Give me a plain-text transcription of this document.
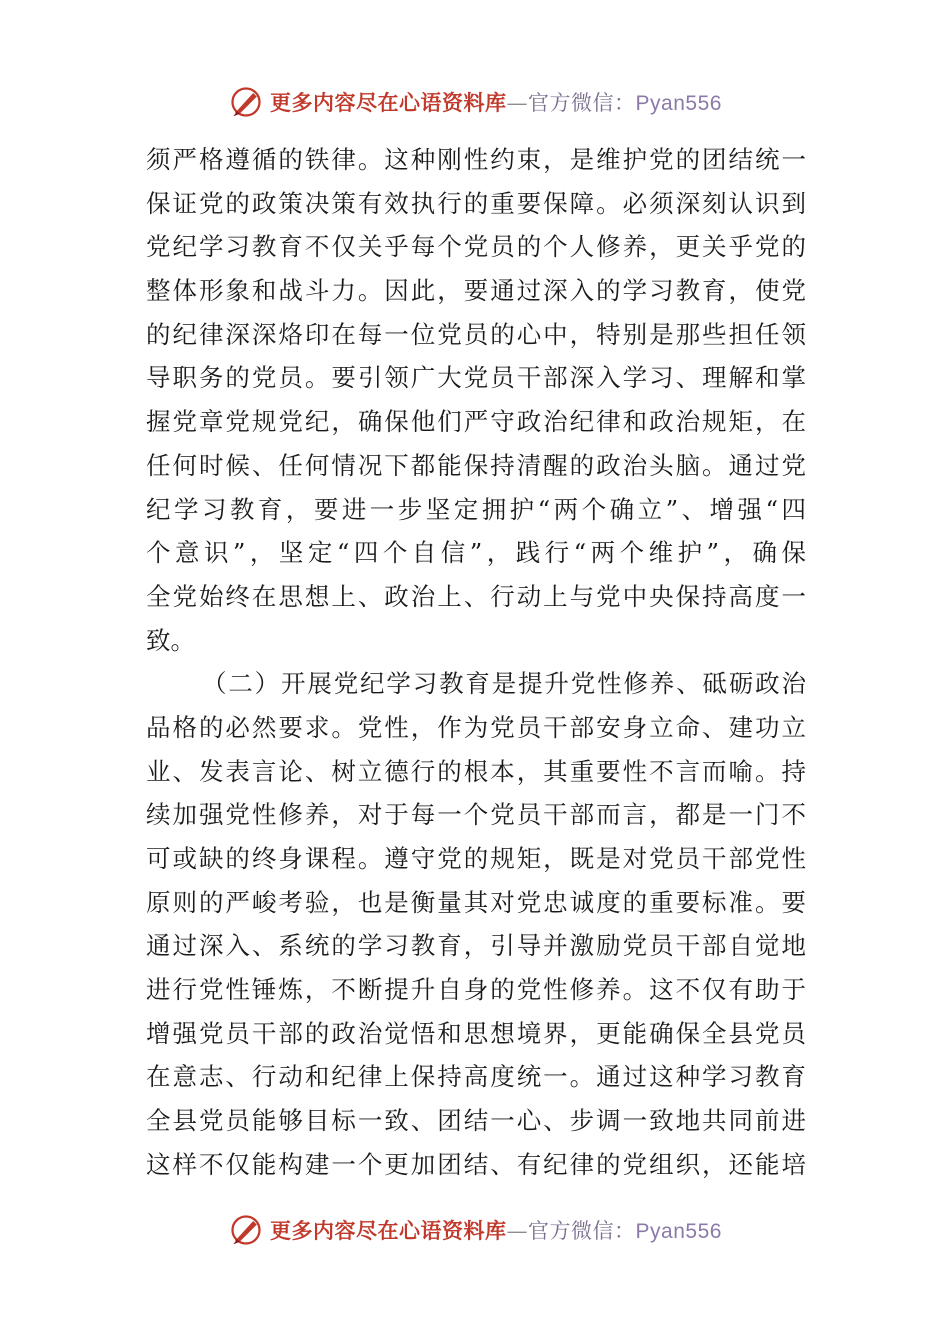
更多内容尽在心语资料库—官方微信：Pyan556
须严格遵循的铁律。这种刚性约束，是维护党的团结统一
保证党的政策决策有效执行的重要保障。必须深刻认识到
党纪学习教育不仅关乎每个党员的个人修养，更关乎党的
整体形象和战斗力。因此，要通过深入的学习教育，使党
的纪律深深烙印在每一位党员的心中，特别是那些担任领
导职务的党员。要引领广大党员干部深入学习、理解和掌
握党章党规党纪，确保他们严守政治纪律和政治规矩，在
任何时候、任何情况下都能保持清醒的政治头脑。通过党
纪学习教育，要进一步坚定拥护“两个确立”、增强“四
个意识”，坚定“四个自信”，践行“两个维护”，确保
全党始终在思想上、政治上、行动上与党中央保持高度一
致。
（二）开展党纪学习教育是提升党性修养、砥砺政治
品格的必然要求。党性，作为党员干部安身立命、建功立
业、发表言论、树立德行的根本，其重要性不言而喻。持
续加强党性修养，对于每一个党员干部而言，都是一门不
可或缺的终身课程。遵守党的规矩，既是对党员干部党性
原则的严峻考验，也是衡量其对党忠诚度的重要标准。要
通过深入、系统的学习教育，引导并激励党员干部自觉地
进行党性锤炼，不断提升自身的党性修养。这不仅有助于
增强党员干部的政治觉悟和思想境界，更能确保全县党员
在意志、行动和纪律上保持高度统一。通过这种学习教育
全县党员能够目标一致、团结一心、步调一致地共同前进
这样不仅能构建一个更加团结、有纪律的党组织，还能培
更多内容尽在心语资料库—官方微信：Pyan556
